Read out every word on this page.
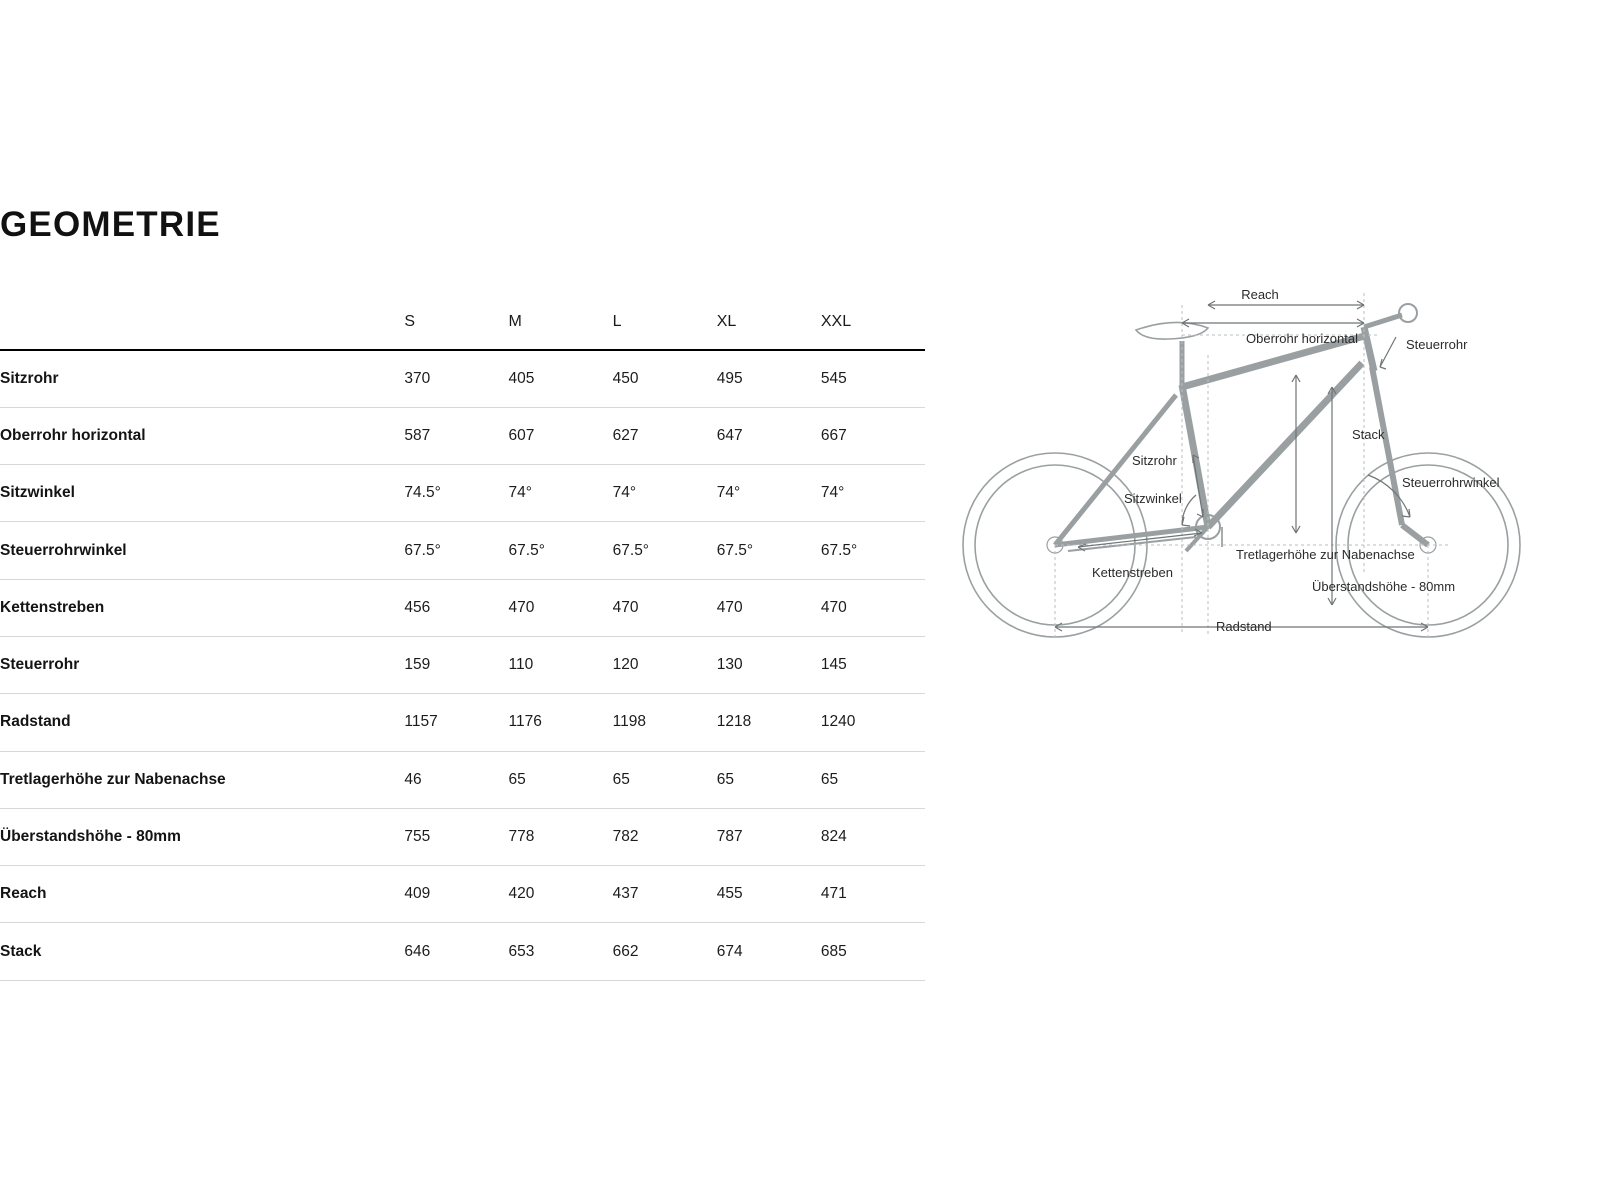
GEOMETRIE
	S	M	L	XL	XXL
Sitzrohr	370	405	450	495	545
Oberrohr horizontal	587	607	627	647	667
Sitzwinkel	74.5°	74°	74°	74°	74°
Steuerrohrwinkel	67.5°	67.5°	67.5°	67.5°	67.5°
Kettenstreben	456	470	470	470	470
Steuerrohr	159	110	120	130	145
Radstand	1157	1176	1198	1218	1240
Tretlagerhöhe zur Nabenachse	46	65	65	65	65
Überstandshöhe - 80mm	755	778	782	787	824
Reach	409	420	437	455	471
Stack	646	653	662	674	685
Reach
Oberrohr horizontal	Steuerrohr
Stack
Sitzrohr
Sitzwinkel
Steuerrohrwinkel
Tretlagerhöhe zur Nabenachse
Kettenstreben
Überstandshöhe - 80mm
Radstand
